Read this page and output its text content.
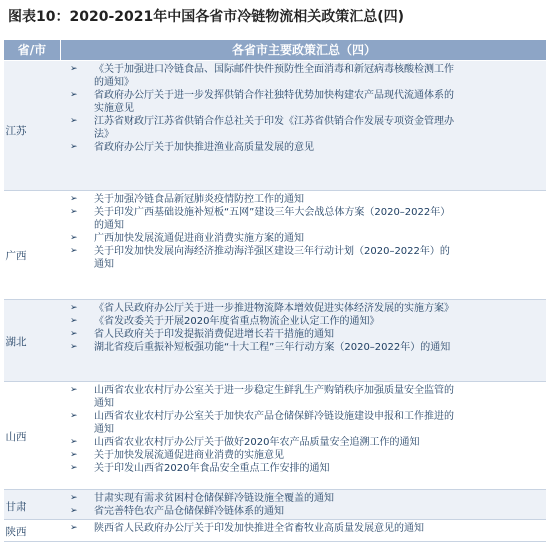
图表10：2020-2021年中国各省市冷链物流相关政策汇总(四)
省/市	各省市主要政策汇总（四）
江苏
➢ 《关于加强进口冷链食品、国际邮件快件预防性全面消毒和新冠病毒核酸检测工作
的通知》
➢ 省政府办公厅关于进一步发挥供销合作社独特优势加快构建农产品现代流通体系的
实施意见
➢ 江苏省财政厅江苏省供销合作总社关于印发《江苏省供销合作发展专项资金管理办
法》
➢ 省政府办公厅关于加快推进渔业高质量发展的意见
广西
➢ 关于加强冷链食品新冠肺炎疫情防控工作的通知
➢ 关于印发广西基础设施补短板“五网”建设三年大会战总体方案（2020–2022年）
的通知
➢ 广西加快发展流通促进商业消费实施方案的通知
➢ 关于印发加快发展向海经济推动海洋强区建设三年行动计划（2020–2022年）的
通知
湖北
➢ 《省人民政府办公厅关于进一步推进物流降本增效促进实体经济发展的实施方案》
➢ 《省发改委关于开展2020年度省重点物流企业认定工作的通知》
➢ 省人民政府关于印发提振消费促进增长若干措施的通知
➢ 湖北省疫后重振补短板强功能“十大工程”三年行动方案（2020–2022年）的通知
山西
➢ 山西省农业农村厅办公室关于进一步稳定生鲜乳生产购销秩序加强质量安全监管的
通知
➢ 山西省农业农村厅办公室关于加快农产品仓储保鲜冷链设施建设申报和工作推进的
通知
➢ 山西省农业农村厅办公厅关于做好2020年农产品质量安全追溯工作的通知
➢ 关于加快发展流通促进商业消费的实施意见
➢ 关于印发山西省2020年食品安全重点工作安排的通知
甘肃
➢ 甘肃实现有需求贫困村仓储保鲜冷链设施全覆盖的通知
➢ 省完善特色农产品仓储保鲜冷链体系的通知
陕西	➢ 陕西省人民政府办公厅关于印发加快推进全省畜牧业高质量发展意见的通知
